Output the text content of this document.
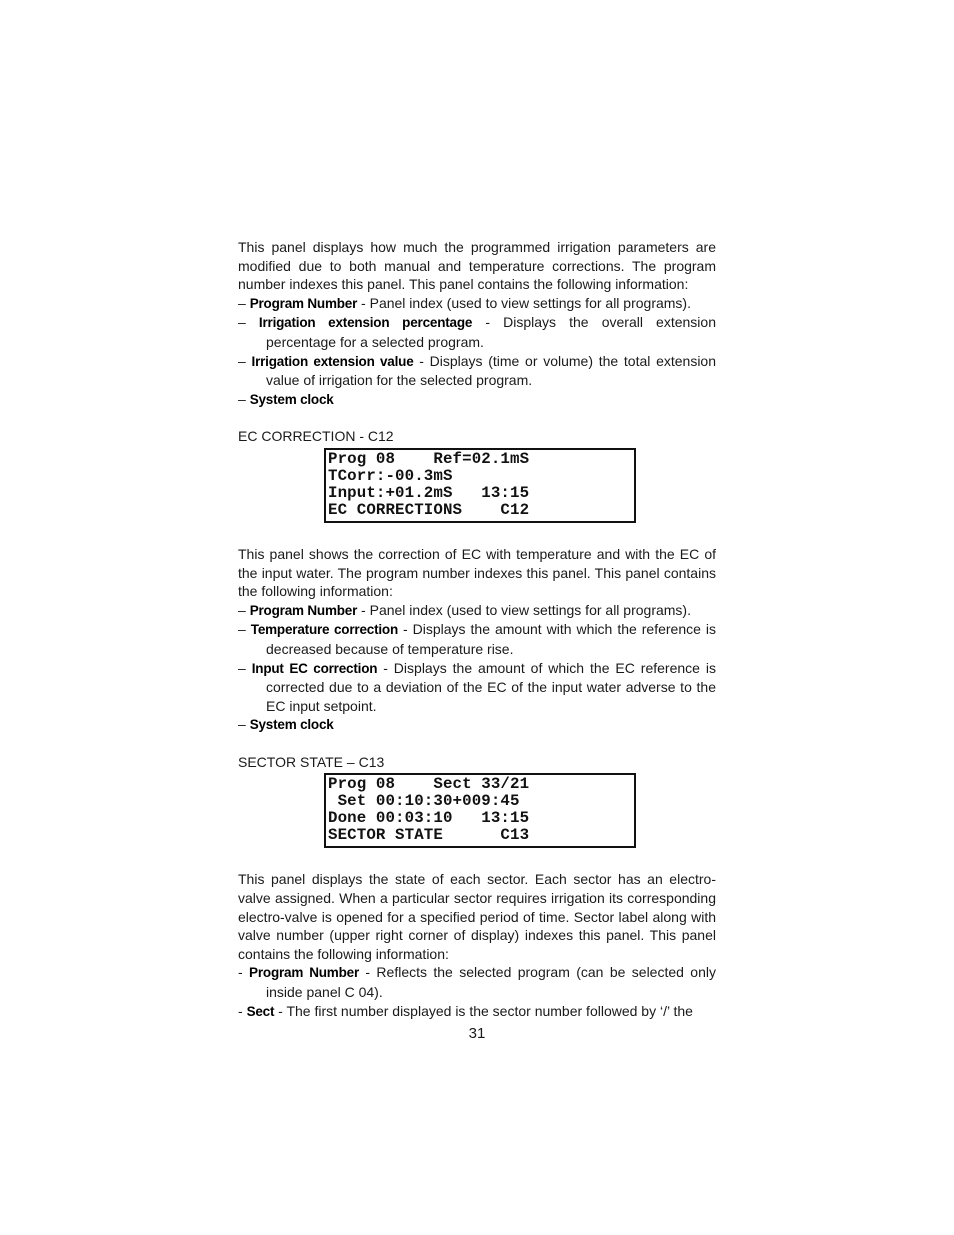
This panel displays how much the programmed irrigation parameters are modified due to both manual and temperature corrections. The program number indexes this panel. This panel contains the following information:

– Program Number - Panel index (used to view settings for all programs).
– Irrigation extension percentage - Displays the overall extension percentage for a selected program.
– Irrigation extension value - Displays (time or volume) the total extension value of irrigation for the selected program.
– System clock
EC CORRECTION - C12
Prog 08    Ref=02.1mS
TCorr:-00.3mS
Input:+01.2mS   13:15
EC CORRECTIONS    C12

This panel shows the correction of EC with temperature and with the EC of the input water. The program number indexes this panel. This panel contains the following information:

– Program Number - Panel index (used to view settings for all programs).
– Temperature correction - Displays the amount with which the reference is decreased because of temperature rise.
– Input EC correction - Displays the amount of which the EC reference is corrected due to a deviation of the EC of the input water adverse to the EC input setpoint.
– System clock
SECTOR STATE – C13
Prog 08    Sect 33/21
Set 00:10:30+009:45
Done 00:03:10   13:15
SECTOR STATE      C13

This panel displays the state of each sector. Each sector has an electro-valve assigned. When a particular sector requires irrigation its corresponding electro-valve is opened for a specified period of time. Sector label along with valve number (upper right corner of display) indexes this panel. This panel contains the following information:

- Program Number - Reflects the selected program (can be selected only inside panel C 04).
- Sect - The first number displayed is the sector number followed by ‘/’ the
31
